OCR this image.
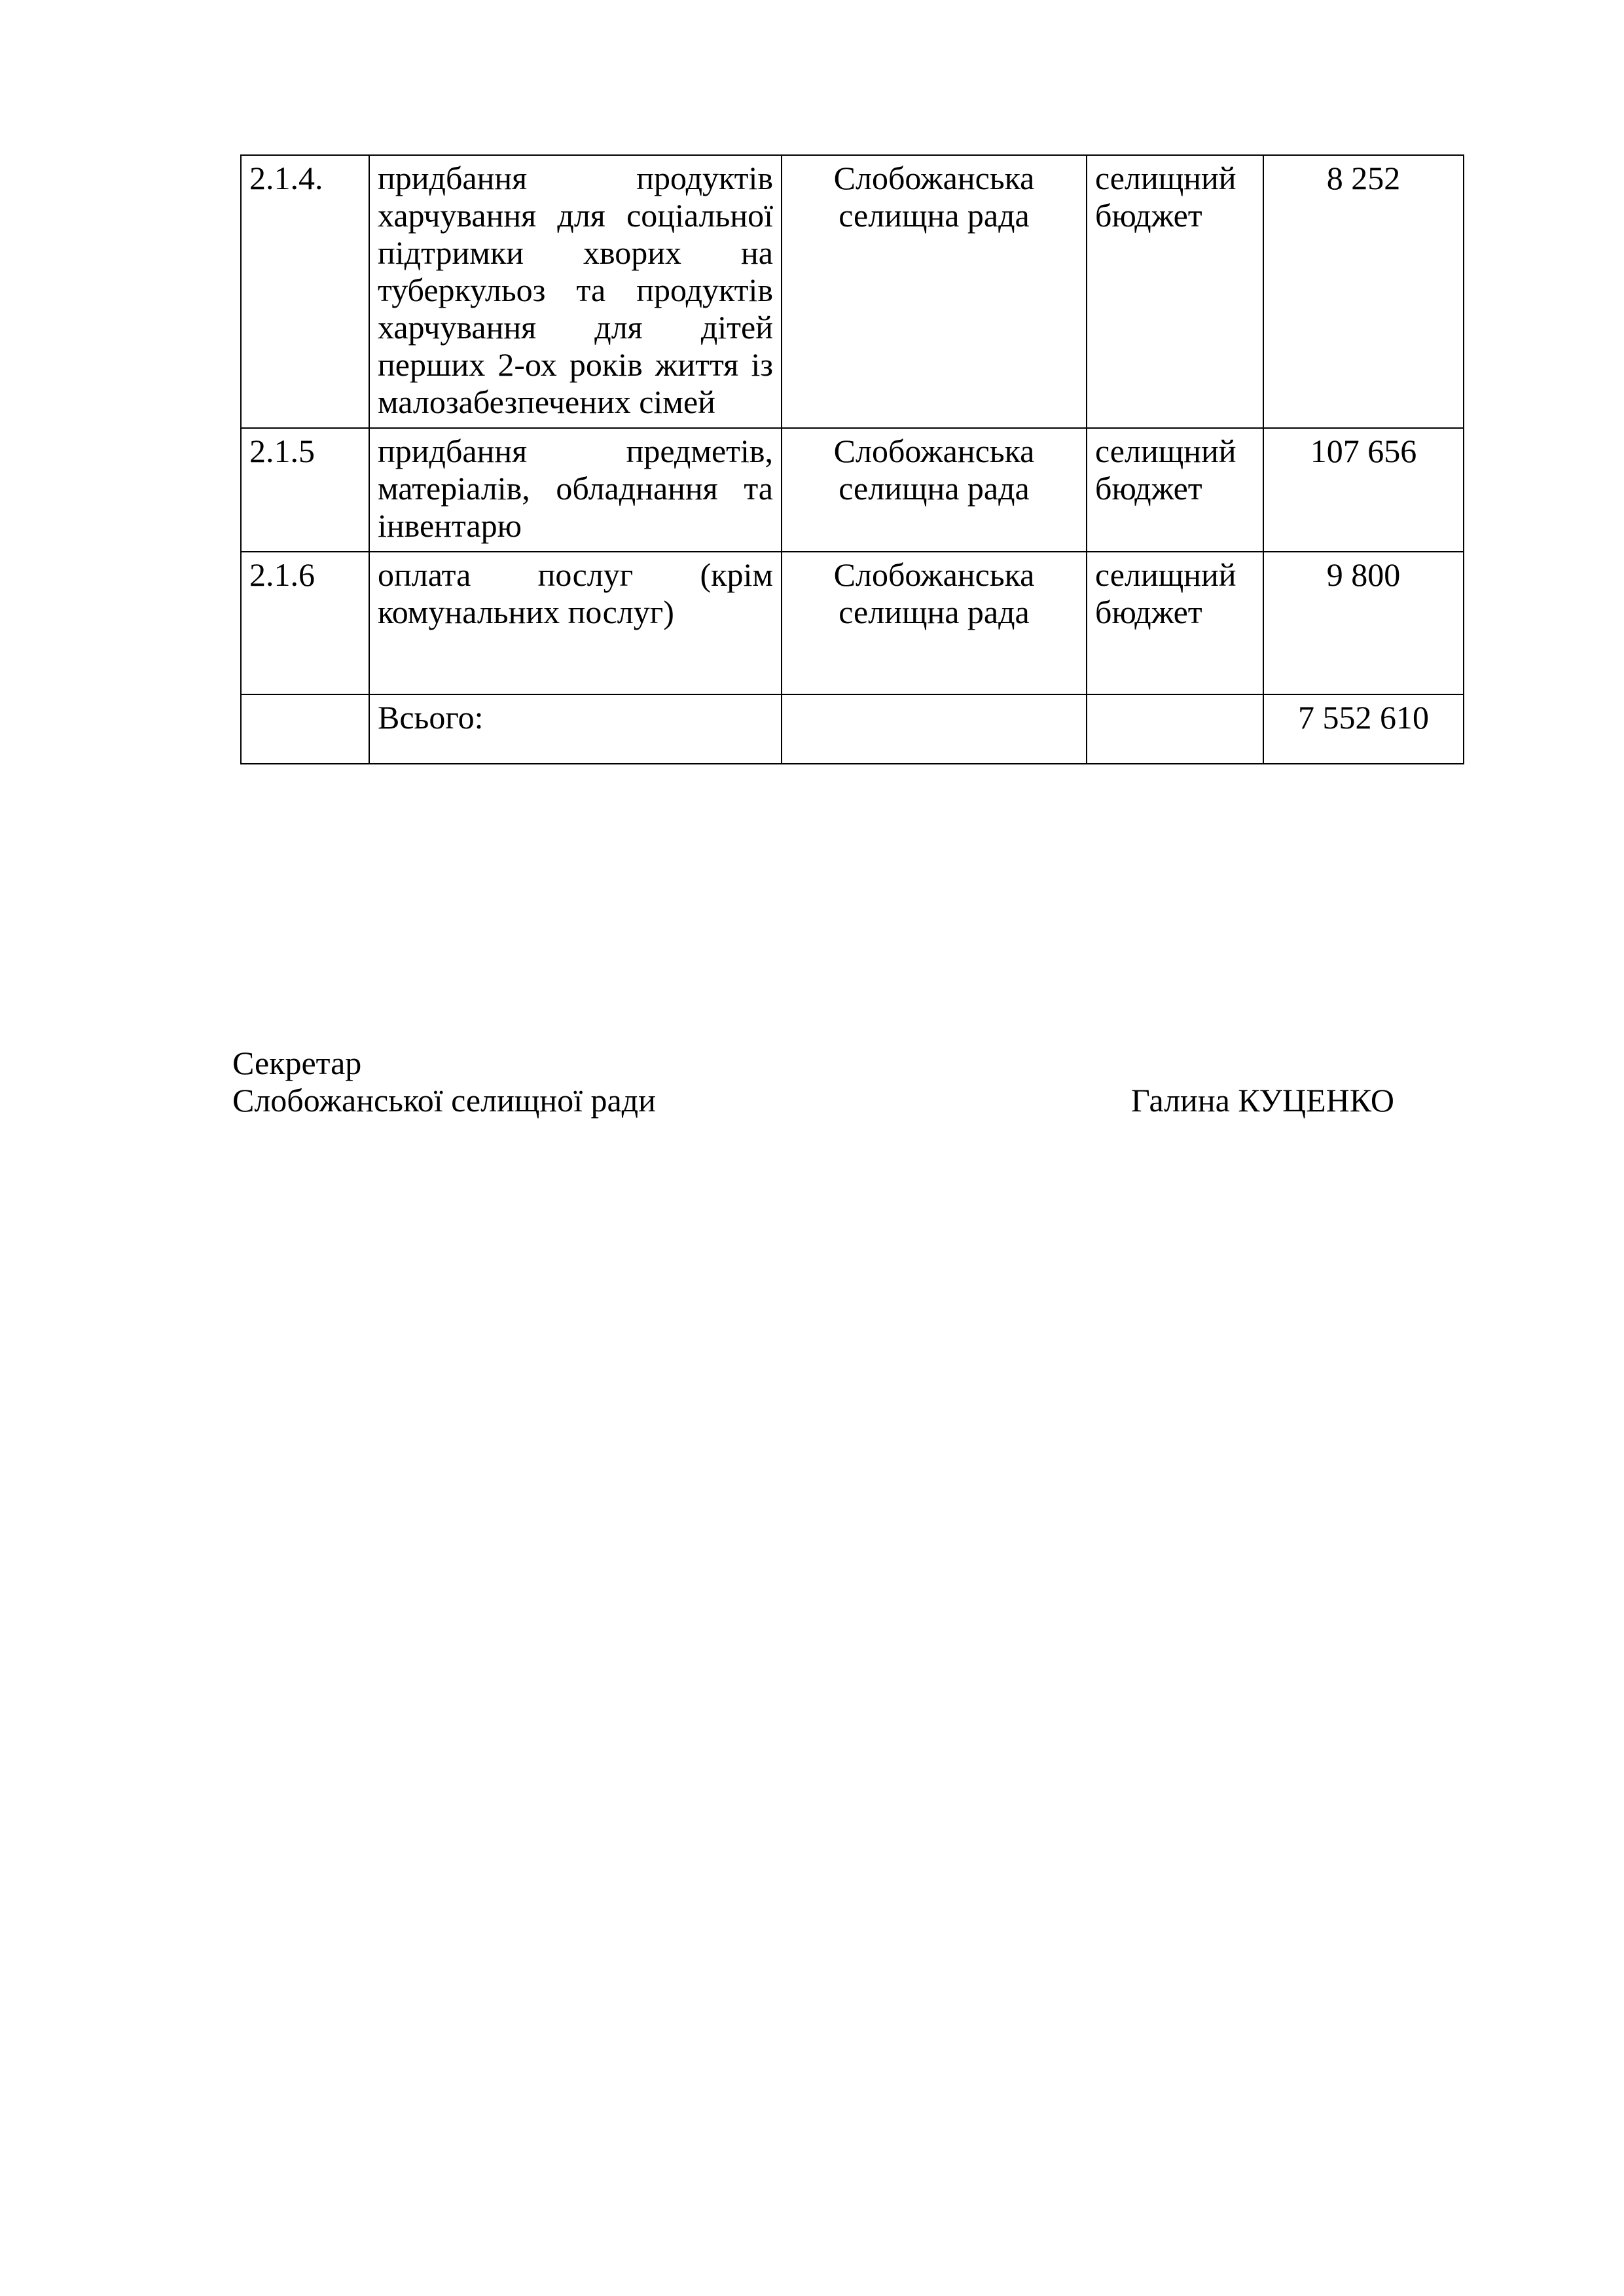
2.1.4.	придбання продуктів харчування для соціальної підтримки хворих на туберкульоз та продуктів харчування для дітей перших 2-ох років життя із малозабезпечених сімей	Слобожанська селищна рада	селищний бюджет	8 252
2.1.5	придбання предметів, матеріалів, обладнання та інвентарю	Слобожанська селищна рада	селищний бюджет	107 656
2.1.6	оплата послуг (крім комунальних послуг)	Слобожанська селищна рада	селищний бюджет	9 800
	Всього:			7 552 610
Секретар
Слобожанської селищної ради	Галина КУЦЕНКО
